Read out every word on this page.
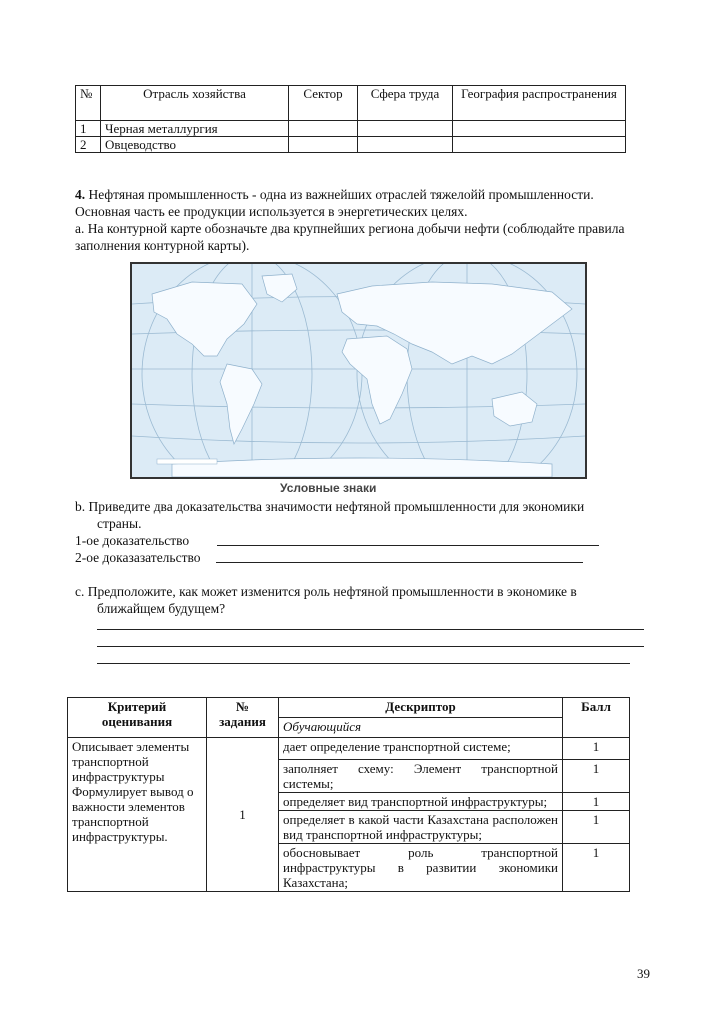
№	Отрасль хозяйства	Сектор	Сфера труда	География распространения
1	Черная металлургия			
2	Овцеводство			
4. Нефтяная промышленность - одна из важнейших отраслей тяжелойй промышленности. Основная часть ее продукции используется в энергетических целях.
a. На контурной карте обозначьте два крупнейших региона добычи нефти (соблюдайте правила заполнения контурной карты).
Условные знаки
b. Приведите два доказательства значимости нефтяной промышленности для экономики
страны.
1-ое доказательство
2-ое доказазательство
c. Предположите, как может изменится роль нефтяной промышленности в экономике в
ближайщем будущем?
Критерий оценивания	№ задания	Дескриптор	Балл
		Обучающийся	
Описывает элементы транспортной инфраструктуры Формулирует вывод о важности элементов транспортной инфраструктуры.	1	дает определение транспортной системе;	1
		заполняет схему: Элемент транспортной системы;	1
		определяет вид транспортной инфраструктуры;	1
		определяет в какой части Казахстана расположен вид транспортной инфраструктуры;	1
		обосновывает роль транспортной инфраструктуры в развитии экономики Казахстана;	1
39
